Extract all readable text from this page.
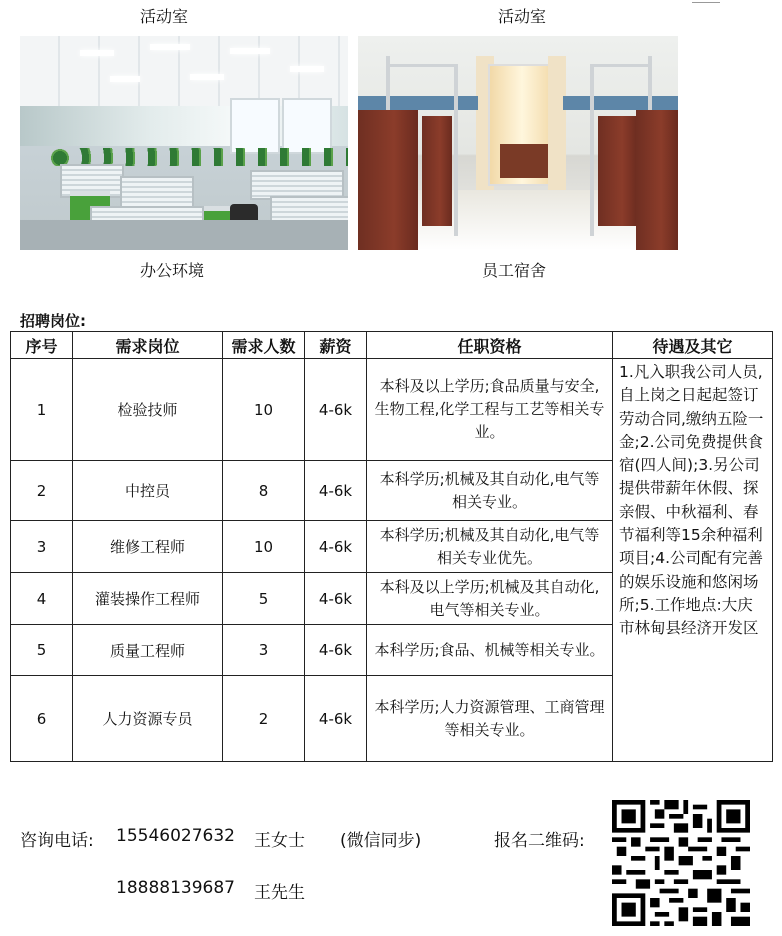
活动室	活动室
办公环境	员工宿舍
招聘岗位:
序号	需求岗位	需求人数	薪资	任职资格	待遇及其它
1	检验技师	10	4-6k	本科及以上学历;食品质量与安全,生物工程,化学工程与工艺等相关专业。	1.凡入职我公司人员,自上岗之日起起签订劳动合同,缴纳五险一金;2.公司免费提供食宿(四人间);3.另公司提供带薪年休假、探亲假、中秋福利、春节福利等15余种福利项目;4.公司配有完善的娱乐设施和悠闲场所;5.工作地点:大庆市林甸县经济开发区
2	中控员	8	4-6k	本科学历;机械及其自动化,电气等相关专业。	
3	维修工程师	10	4-6k	本科学历;机械及其自动化,电气等相关专业优先。	
4	灌装操作工程师	5	4-6k	本科及以上学历;机械及其自动化,电气等相关专业。	
5	质量工程师	3	4-6k	本科学历;食品、机械等相关专业。	
6	人力资源专员	2	4-6k	本科学历;人力资源管理、工商管理等相关专业。	
咨询电话: 15546027632 王女士 (微信同步)	报名二维码:
18888139687 王先生
